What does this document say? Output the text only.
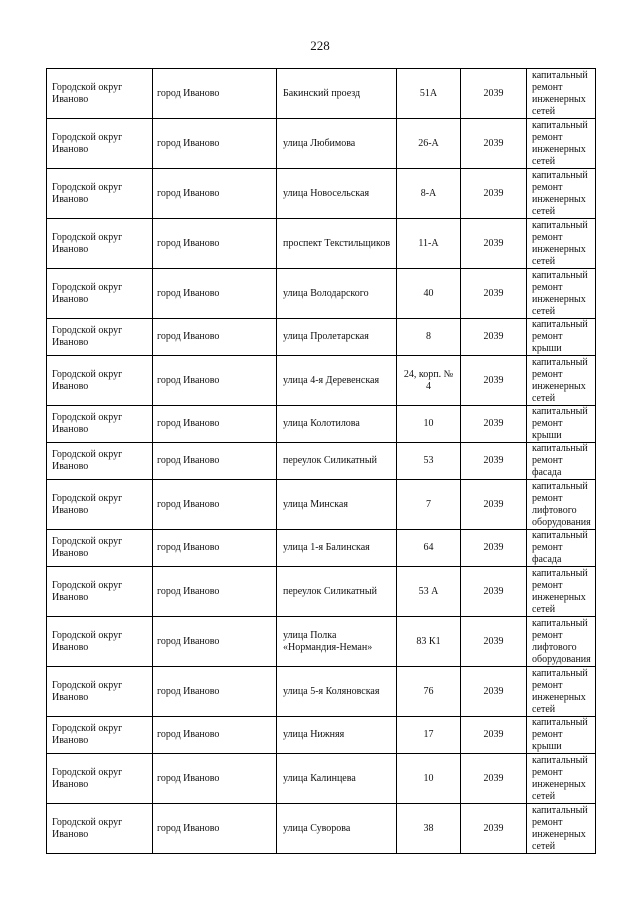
228
Городской округ Иваново	город Иваново	Бакинский проезд	51А	2039	капитальный ремонт инженерных сетей
Городской округ Иваново	город Иваново	улица Любимова	26-А	2039	капитальный ремонт инженерных сетей
Городской округ Иваново	город Иваново	улица Новосельская	8-А	2039	капитальный ремонт инженерных сетей
Городской округ Иваново	город Иваново	проспект Текстильщиков	11-А	2039	капитальный ремонт инженерных сетей
Городской округ Иваново	город Иваново	улица Володарского	40	2039	капитальный ремонт инженерных сетей
Городской округ Иваново	город Иваново	улица Пролетарская	8	2039	капитальный ремонт крыши
Городской округ Иваново	город Иваново	улица 4-я Деревенская	24, корп. № 4	2039	капитальный ремонт инженерных сетей
Городской округ Иваново	город Иваново	улица Колотилова	10	2039	капитальный ремонт крыши
Городской округ Иваново	город Иваново	переулок Силикатный	53	2039	капитальный ремонт фасада
Городской округ Иваново	город Иваново	улица Минская	7	2039	капитальный ремонт лифтового оборудования
Городской округ Иваново	город Иваново	улица 1-я Балинская	64	2039	капитальный ремонт фасада
Городской округ Иваново	город Иваново	переулок Силикатный	53 А	2039	капитальный ремонт инженерных сетей
Городской округ Иваново	город Иваново	улица Полка «Нормандия-Неман»	83 К1	2039	капитальный ремонт лифтового оборудования
Городской округ Иваново	город Иваново	улица 5-я Коляновская	76	2039	капитальный ремонт инженерных сетей
Городской округ Иваново	город Иваново	улица Нижняя	17	2039	капитальный ремонт крыши
Городской округ Иваново	город Иваново	улица Калинцева	10	2039	капитальный ремонт инженерных сетей
Городской округ Иваново	город Иваново	улица Суворова	38	2039	капитальный ремонт инженерных сетей
